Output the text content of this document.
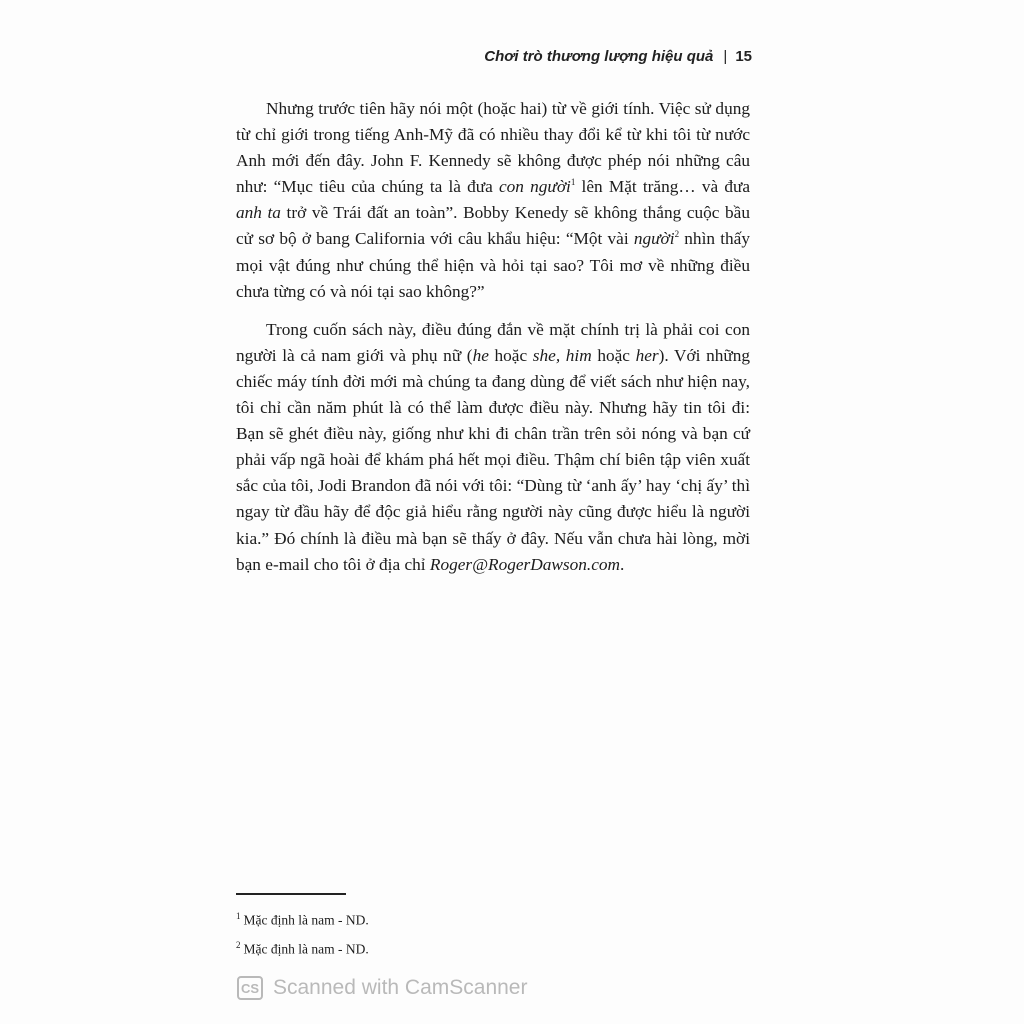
Chơi trò thương lượng hiệu quả | 15

Nhưng trước tiên hãy nói một (hoặc hai) từ về giới tính. Việc sử dụng từ chỉ giới trong tiếng Anh-Mỹ đã có nhiều thay đổi kể từ khi tôi từ nước Anh mới đến đây. John F. Kennedy sẽ không được phép nói những câu như: “Mục tiêu của chúng ta là đưa con người$^1$ lên Mặt trăng… và đưa anh ta trở về Trái đất an toàn”. Bobby Kenedy sẽ không thắng cuộc bầu cử sơ bộ ở bang California với câu khẩu hiệu: “Một vài người$^2$ nhìn thấy mọi vật đúng như chúng thể hiện và hỏi tại sao? Tôi mơ về những điều chưa từng có và nói tại sao không?”

Trong cuốn sách này, điều đúng đắn về mặt chính trị là phải coi con người là cả nam giới và phụ nữ (he hoặc she, him hoặc her). Với những chiếc máy tính đời mới mà chúng ta đang dùng để viết sách như hiện nay, tôi chỉ cần năm phút là có thể làm được điều này. Nhưng hãy tin tôi đi: Bạn sẽ ghét điều này, giống như khi đi chân trần trên sỏi nóng và bạn cứ phải vấp ngã hoài để khám phá hết mọi điều. Thậm chí biên tập viên xuất sắc của tôi, Jodi Brandon đã nói với tôi: “Dùng từ ‘anh ấy’ hay ‘chị ấy’ thì ngay từ đầu hãy để độc giả hiểu rằng người này cũng được hiểu là người kia.” Đó chính là điều mà bạn sẽ thấy ở đây. Nếu vẫn chưa hài lòng, mời bạn e-mail cho tôi ở địa chỉ Roger@RogerDawson.com.

$^1$ Mặc định là nam - ND.
$^2$ Mặc định là nam - ND.
CS Scanned with CamScanner
